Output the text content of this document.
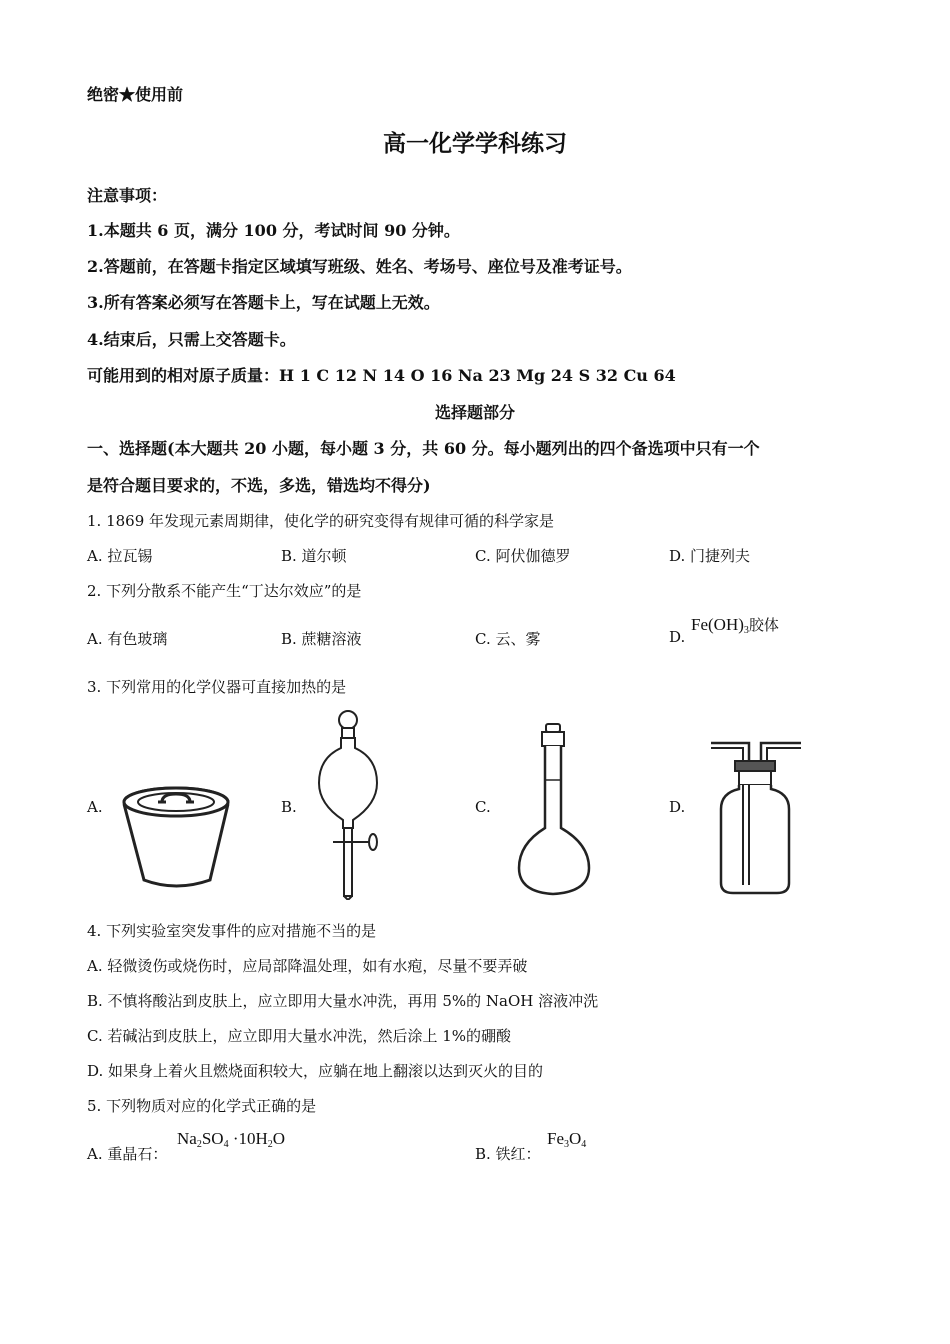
绝密★使用前
高一化学学科练习
注意事项：
1.本题共 6 页，满分 100 分，考试时间 90 分钟。
2.答题前，在答题卡指定区域填写班级、姓名、考场号、座位号及准考证号。
3.所有答案必须写在答题卡上，写在试题上无效。
4.结束后，只需上交答题卡。
可能用到的相对原子质量：H 1 C 12 N 14 O 16 Na 23 Mg 24 S 32 Cu 64
选择题部分
一、选择题(本大题共 20 小题，每小题 3 分，共 60 分。每小题列出的四个备选项中只有一个
是符合题目要求的，不选，多选，错选均不得分)
1. 1869 年发现元素周期律，使化学的研究变得有规律可循的科学家是
A. 拉瓦锡	B. 道尔顿	C. 阿伏伽德罗	D. 门捷列夫
2. 下列分散系不能产生“丁达尔效应”的是
A. 有色玻璃	B. 蔗糖溶液	C. 云、雾	D.
$Fe(OH)_3$胶体
3. 下列常用的化学仪器可直接加热的是
A.	B.	C.	D.
4. 下列实验室突发事件的应对措施不当的是
A. 轻微烫伤或烧伤时，应局部降温处理，如有水疱，尽量不要弄破
B. 不慎将酸沾到皮肤上，应立即用大量水冲洗，再用 5%的 NaOH 溶液冲洗
C. 若碱沾到皮肤上，应立即用大量水冲洗，然后涂上 1%的硼酸
D. 如果身上着火且燃烧面积较大，应躺在地上翻滚以达到灭火的目的
5. 下列物质对应的化学式正确的是
A. 重晶石：
$Na_2SO_4 \cdot 10H_2O$
B. 铁红：
$Fe_3O_4$
